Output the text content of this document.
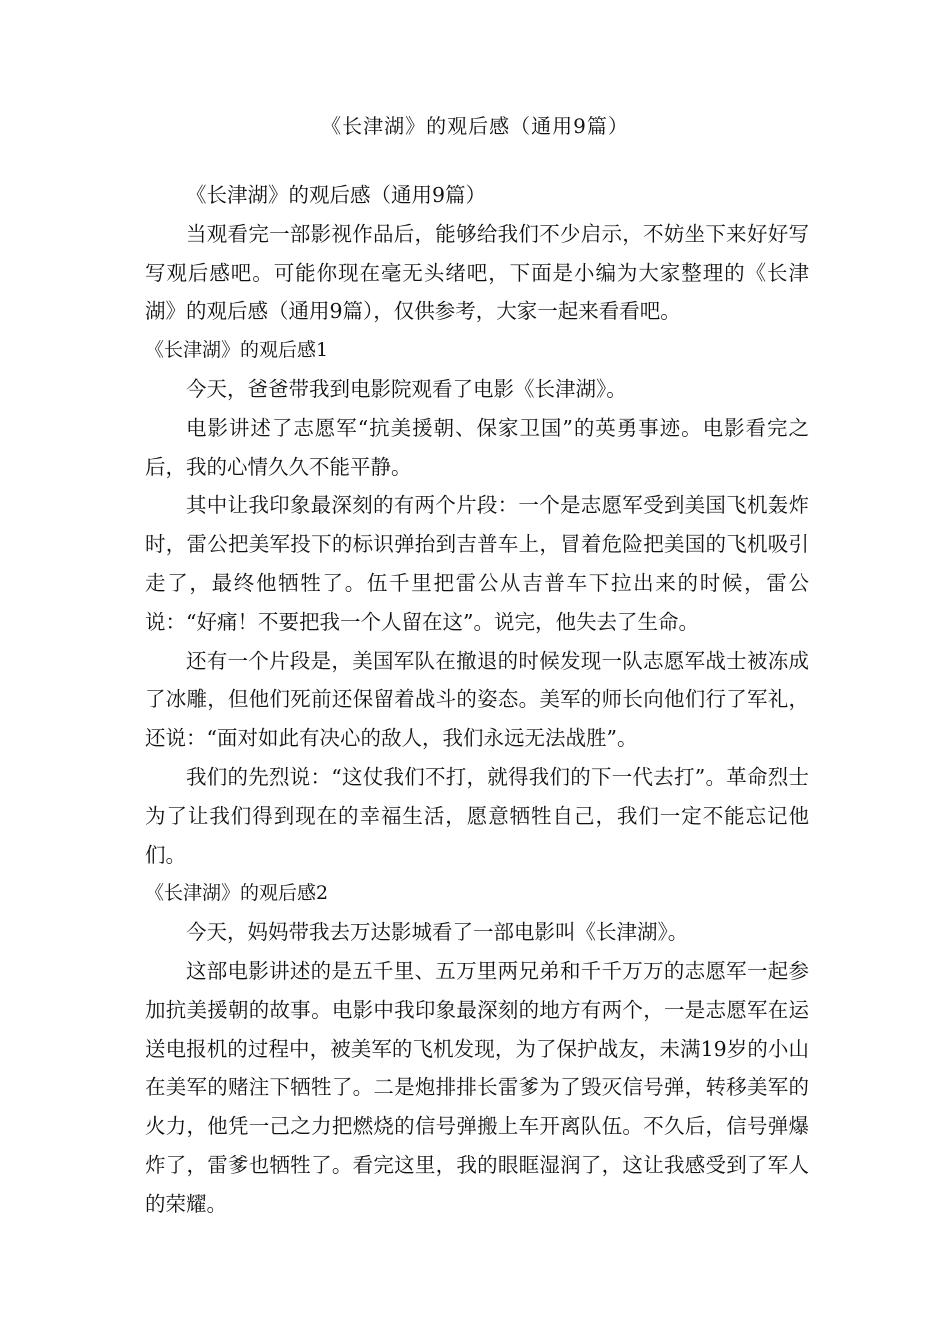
《长津湖》的观后感（通用9篇）

《长津湖》的观后感（通用9篇）

当观看完一部影视作品后，能够给我们不少启示，不妨坐下来好好写写观后感吧。可能你现在毫无头绪吧，下面是小编为大家整理的《长津湖》的观后感（通用9篇），仅供参考，大家一起来看看吧。

《长津湖》的观后感1

今天，爸爸带我到电影院观看了电影《长津湖》。

电影讲述了志愿军“抗美援朝、保家卫国”的英勇事迹。电影看完之后，我的心情久久不能平静。

其中让我印象最深刻的有两个片段：一个是志愿军受到美国飞机轰炸时，雷公把美军投下的标识弹抬到吉普车上，冒着危险把美国的飞机吸引走了，最终他牺牲了。伍千里把雷公从吉普车下拉出来的时候，雷公说：“好痛！不要把我一个人留在这”。说完，他失去了生命。

还有一个片段是，美国军队在撤退的时候发现一队志愿军战士被冻成了冰雕，但他们死前还保留着战斗的姿态。美军的师长向他们行了军礼，还说：“面对如此有决心的敌人，我们永远无法战胜”。

我们的先烈说：“这仗我们不打，就得我们的下一代去打”。革命烈士为了让我们得到现在的幸福生活，愿意牺牲自己，我们一定不能忘记他们。

《长津湖》的观后感2

今天，妈妈带我去万达影城看了一部电影叫《长津湖》。

这部电影讲述的是五千里、五万里两兄弟和千千万万的志愿军一起参加抗美援朝的故事。电影中我印象最深刻的地方有两个，一是志愿军在运送电报机的过程中，被美军的飞机发现，为了保护战友，未满19岁的小山在美军的赌注下牺牲了。二是炮排排长雷爹为了毁灭信号弹，转移美军的火力，他凭一己之力把燃烧的信号弹搬上车开离队伍。不久后，信号弹爆炸了，雷爹也牺牲了。看完这里，我的眼眶湿润了，这让我感受到了军人的荣耀。
